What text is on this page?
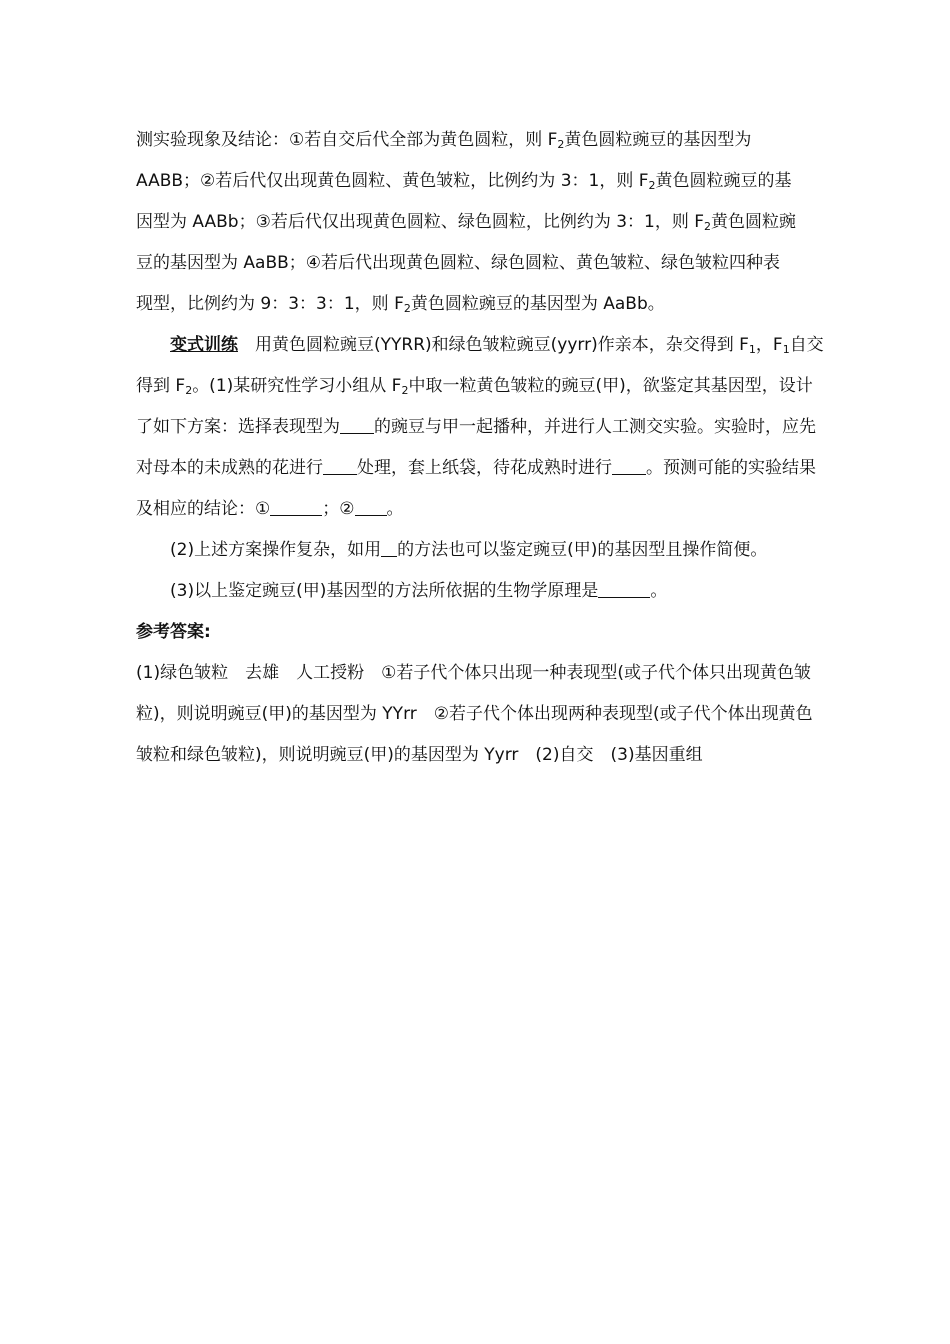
测实验现象及结论：①若自交后代全部为黄色圆粒，则 $F_2$黄色圆粒豌豆的基因型为
AABB；②若后代仅出现黄色圆粒、黄色皱粒，比例约为 3：1，则 $F_2$黄色圆粒豌豆的基
因型为 AABb；③若后代仅出现黄色圆粒、绿色圆粒，比例约为 3：1，则 $F_2$黄色圆粒豌
豆的基因型为 AaBB；④若后代出现黄色圆粒、绿色圆粒、黄色皱粒、绿色皱粒四种表
现型，比例约为 9：3：3：1，则 $F_2$黄色圆粒豌豆的基因型为 AaBb。

变式训练　 用黄色圆粒豌豆(YYRR)和绿色皱粒豌豆(yyrr)作亲本，杂交得到 $F_1$，$F_1$自交得到 $F_2$。(1)某研究性学习小组从 $F_2$中取一粒黄色皱粒的豌豆(甲)，欲鉴定其基因型，设计了如下方案：选择表现型为 的豌豆与甲一起播种，并进行人工测交实验。实验时，应先对母本的未成熟的花进行 处理，套上纸袋，待花成熟时进行 。预测可能的实验结果及相应的结论：①	；② 。

(2)上述方案操作复杂，如用 的方法也可以鉴定豌豆(甲)的基因型且操作简便。

(3)以上鉴定豌豆(甲)基因型的方法所依据的生物学原理是	。

参考答案:

(1)绿色皱粒　去雄　人工授粉　①若子代个体只出现一种表现型(或子代个体只出现黄色皱粒)，则说明豌豆(甲)的基因型为 YYrr　②若子代个体出现两种表现型(或子代个体出现黄色皱粒和绿色皱粒)，则说明豌豆(甲)的基因型为 Yyrr　(2)自交　(3)基因重组
